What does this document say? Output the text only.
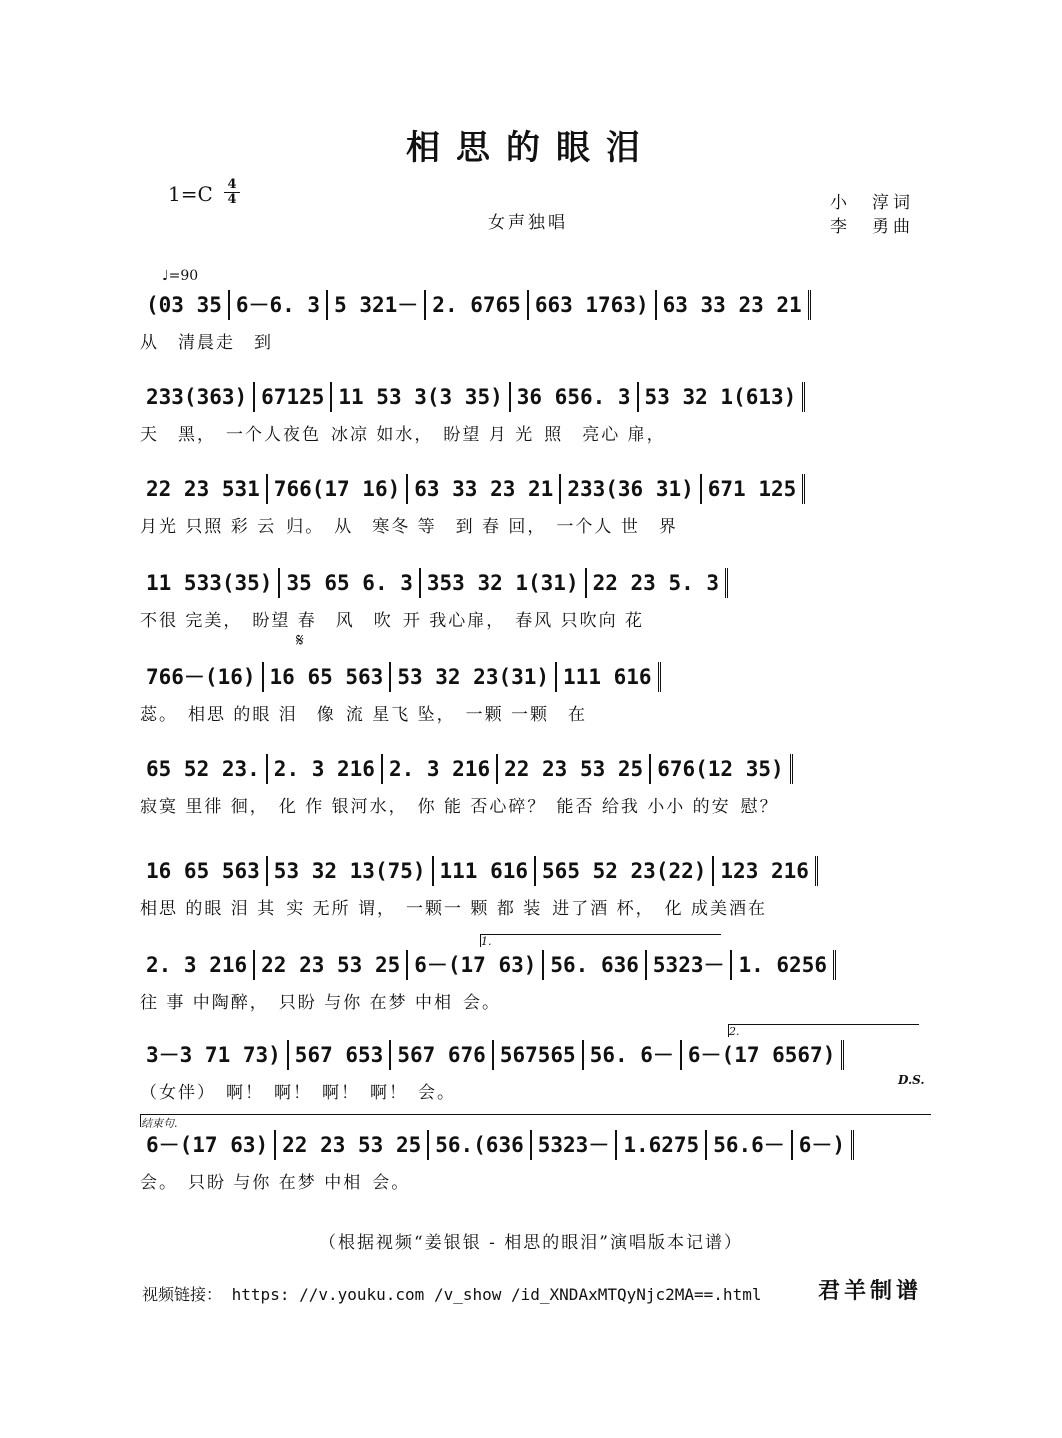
相思的眼泪
1=C 4
4
女声独唱
小　淳词
李　勇曲
♩=90
𝄋
(03 35 6－6. 3 5 321－ 2. 6765 663 1763) 63 33 23 21
从　清晨走　到
233(363) 67125 11 53 3(3 35) 36 656. 3 53 32 1(613)
天　黑， 一个人夜色 冰凉 如水， 盼望 月 光 照　亮心 扉，
22 23 531 766(17 16) 63 33 23 21 233(36 31) 671 125
月光 只照 彩 云 归。 从　寒冬 等　到 春 回， 一个人 世　界
11 533(35) 35 65 6. 3 353 32 1(31) 22 23 5. 3
不很 完美， 盼望 春　风　吹 开 我心扉， 春风 只吹向 花
766－(16) 16 65 563 53 32 23(31) 111 616
蕊。 相思 的眼 泪　像 流 星飞 坠， 一颗 一颗　在
65 52 23. 2. 3 216 2. 3 216 22 23 53 25 676(12 35)
寂寞 里徘 徊， 化 作 银河水， 你 能 否心碎？ 能否 给我 小小 的安 慰？
16 65 563 53 32 13(75) 111 616 565 52 23(22) 123 216
相思 的眼 泪 其 实 无所 谓， 一颗一 颗 都 装 进了酒 杯， 化 成美酒在
1.
2. 3 216 22 23 53 25 6－(17 63) 56. 636 5323－ 1. 6256
往 事 中陶醉， 只盼 与你 在梦 中相 会。
2.
3－3 71 73) 567 653 567 676 567565 56. 6－ 6－(17 6567)
（女伴） 啊！ 啊！ 啊！ 啊！ 会。
D.S.
结束句.
6－(17 63) 22 23 53 25 56.(636 5323－ 1.6275 56.6－ 6－)
会。 只盼 与你 在梦 中相 会。
（根据视频“姜银银 - 相思的眼泪”演唱版本记谱）
视频链接： https: //v.youku.com /v_show /id_XNDAxMTQyNjc2MA==.html	君羊制谱
